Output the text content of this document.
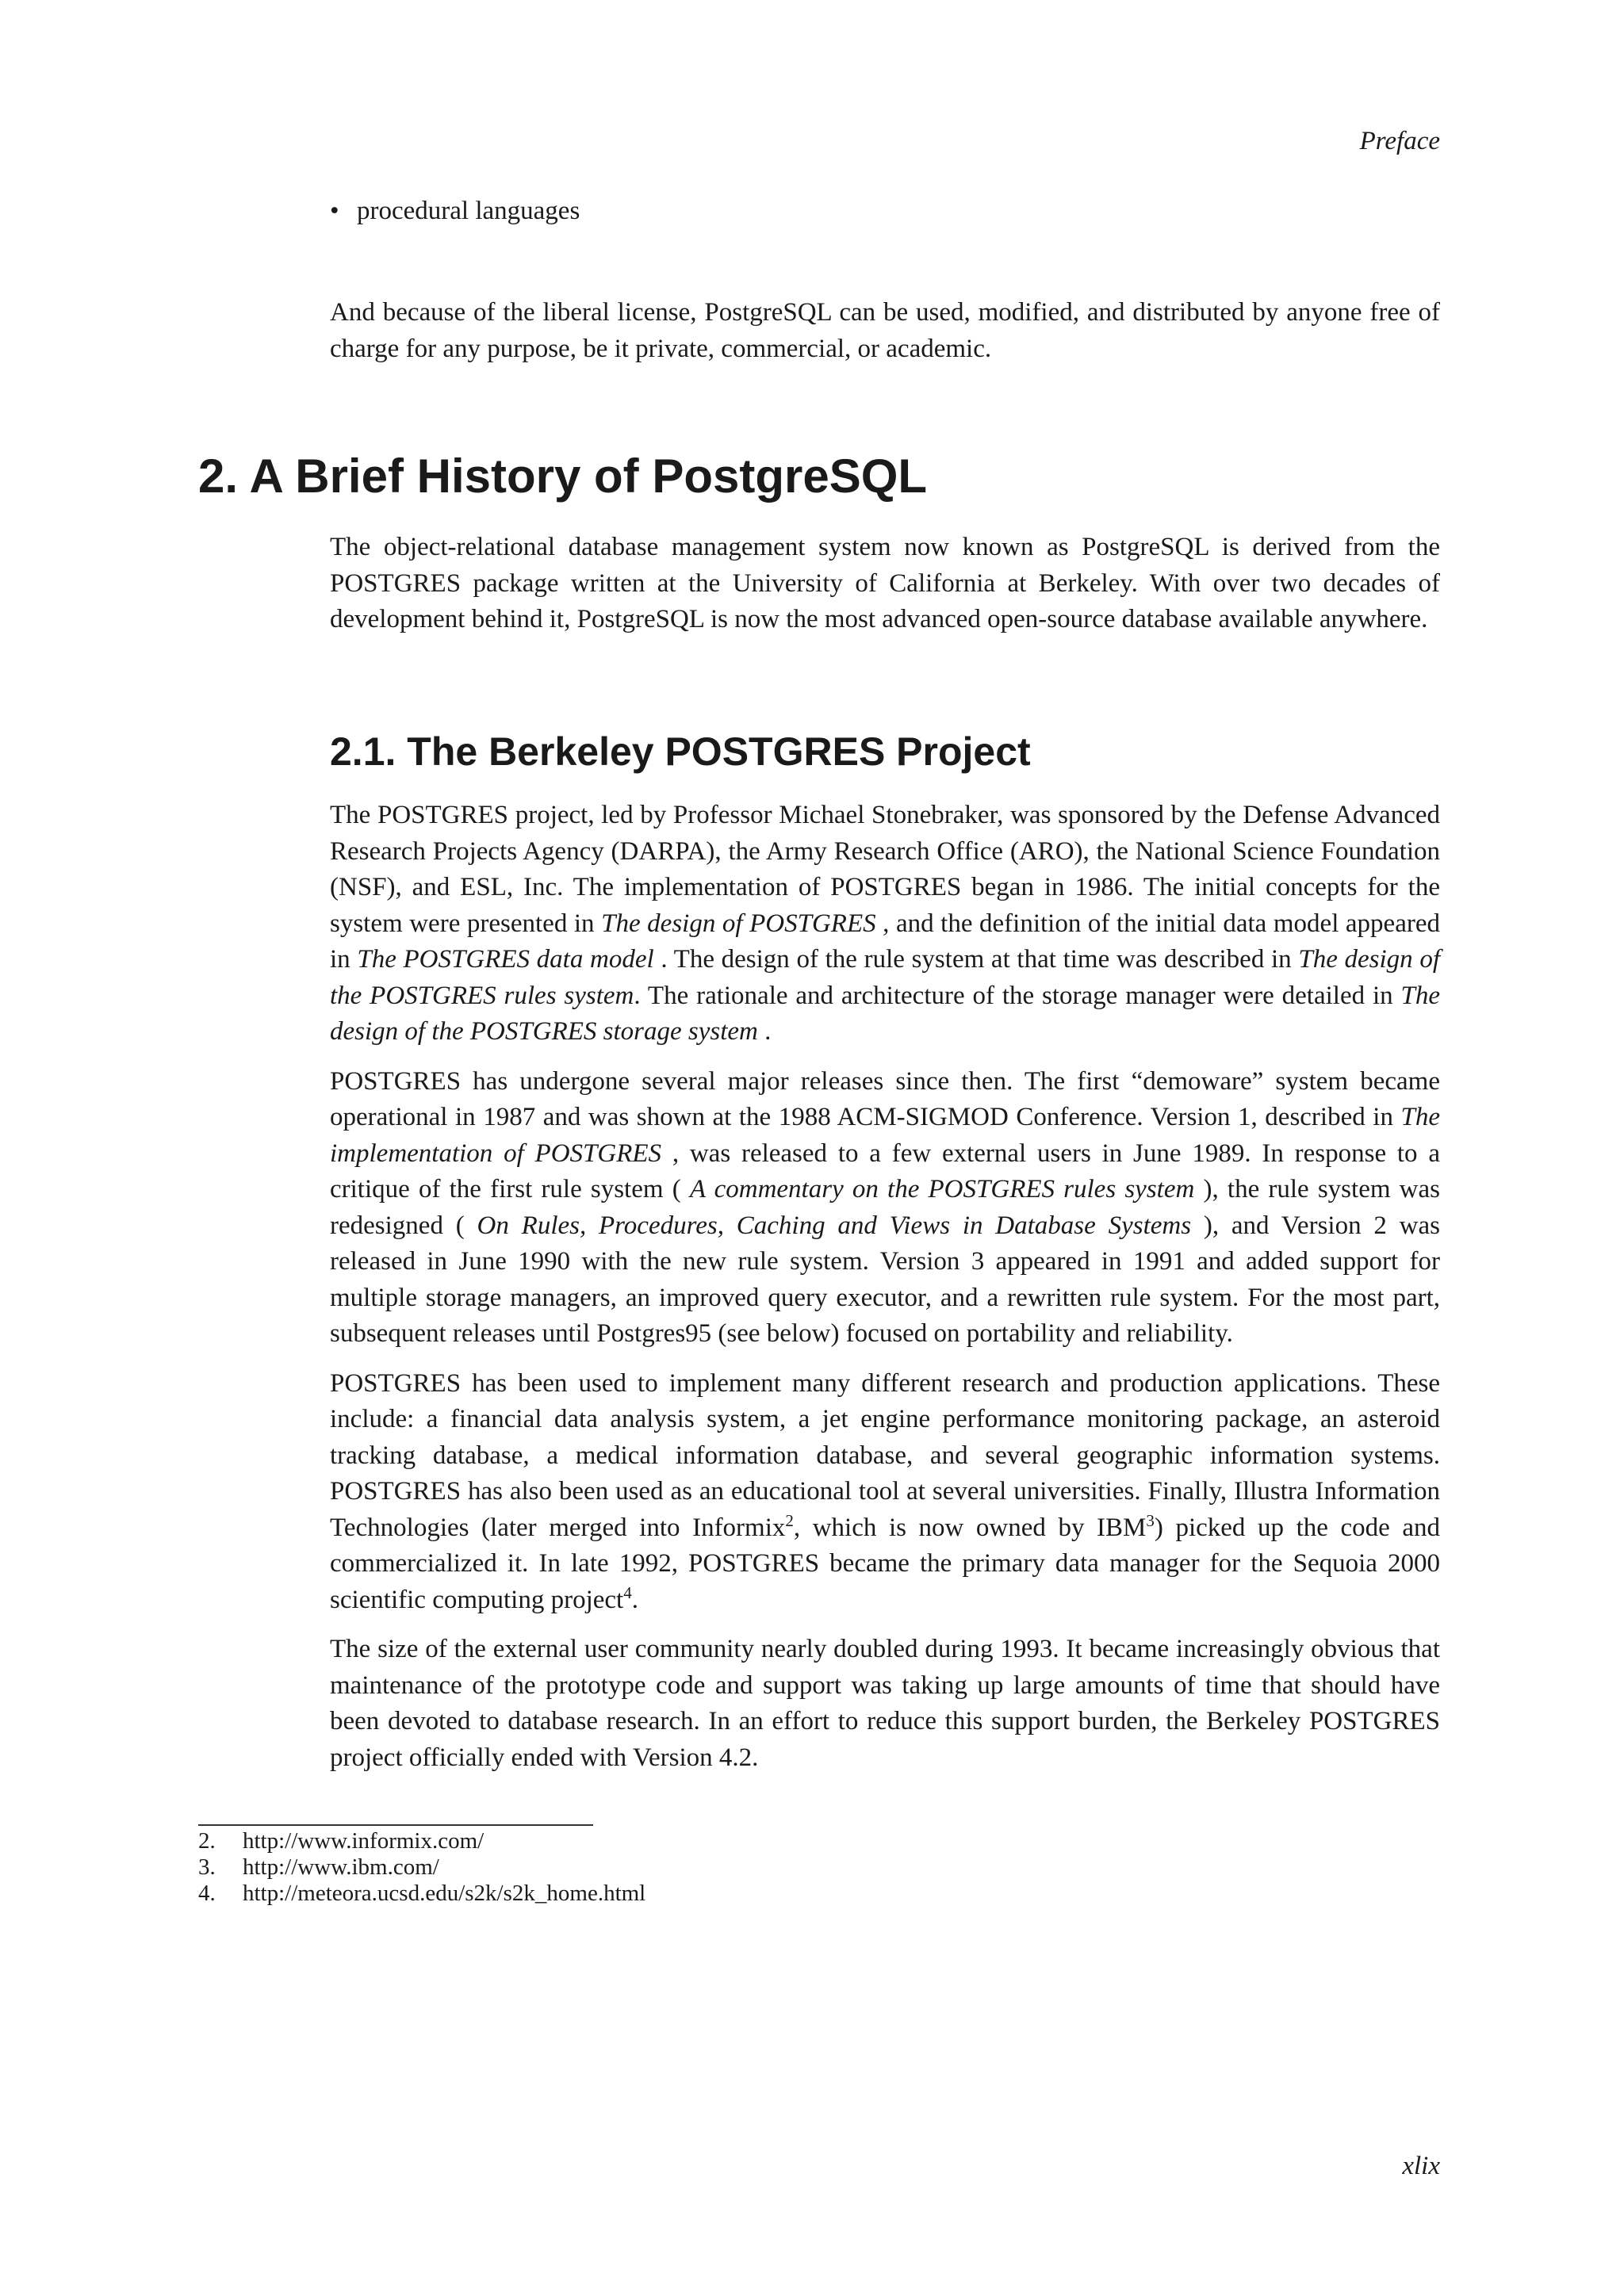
Preface
• procedural languages

And because of the liberal license, PostgreSQL can be used, modified, and distributed by anyone free of charge for any purpose, be it private, commercial, or academic.

2. A Brief History of PostgreSQL

The object-relational database management system now known as PostgreSQL is derived from the POSTGRES package written at the University of California at Berkeley. With over two decades of development behind it, PostgreSQL is now the most advanced open-source database available anywhere.

2.1. The Berkeley POSTGRES Project

The POSTGRES project, led by Professor Michael Stonebraker, was sponsored by the Defense Advanced Research Projects Agency (DARPA), the Army Research Office (ARO), the National Science Foundation (NSF), and ESL, Inc. The implementation of POSTGRES began in 1986. The initial concepts for the system were presented in The design of POSTGRES , and the definition of the initial data model appeared in The POSTGRES data model . The design of the rule system at that time was described in The design of the POSTGRES rules system. The rationale and architecture of the storage manager were detailed in The design of the POSTGRES storage system .

POSTGRES has undergone several major releases since then. The first “demoware” system became operational in 1987 and was shown at the 1988 ACM-SIGMOD Conference. Version 1, described in The implementation of POSTGRES , was released to a few external users in June 1989. In response to a critique of the first rule system ( A commentary on the POSTGRES rules system ), the rule system was redesigned ( On Rules, Procedures, Caching and Views in Database Systems ), and Version 2 was released in June 1990 with the new rule system. Version 3 appeared in 1991 and added support for multiple storage managers, an improved query executor, and a rewritten rule system. For the most part, subsequent releases until Postgres95 (see below) focused on portability and reliability.

POSTGRES has been used to implement many different research and production applications. These include: a financial data analysis system, a jet engine performance monitoring package, an asteroid tracking database, a medical information database, and several geographic information systems. POSTGRES has also been used as an educational tool at several universities. Finally, Illustra Information Technologies (later merged into Informix$^2$, which is now owned by IBM$^3$) picked up the code and commercialized it. In late 1992, POSTGRES became the primary data manager for the Sequoia 2000 scientific computing project$^4$.

The size of the external user community nearly doubled during 1993. It became increasingly obvious that maintenance of the prototype code and support was taking up large amounts of time that should have been devoted to database research. In an effort to reduce this support burden, the Berkeley POSTGRES project officially ended with Version 4.2.

2. http://www.informix.com/
3. http://www.ibm.com/
4. http://meteora.ucsd.edu/s2k/s2k_home.html
xlix
